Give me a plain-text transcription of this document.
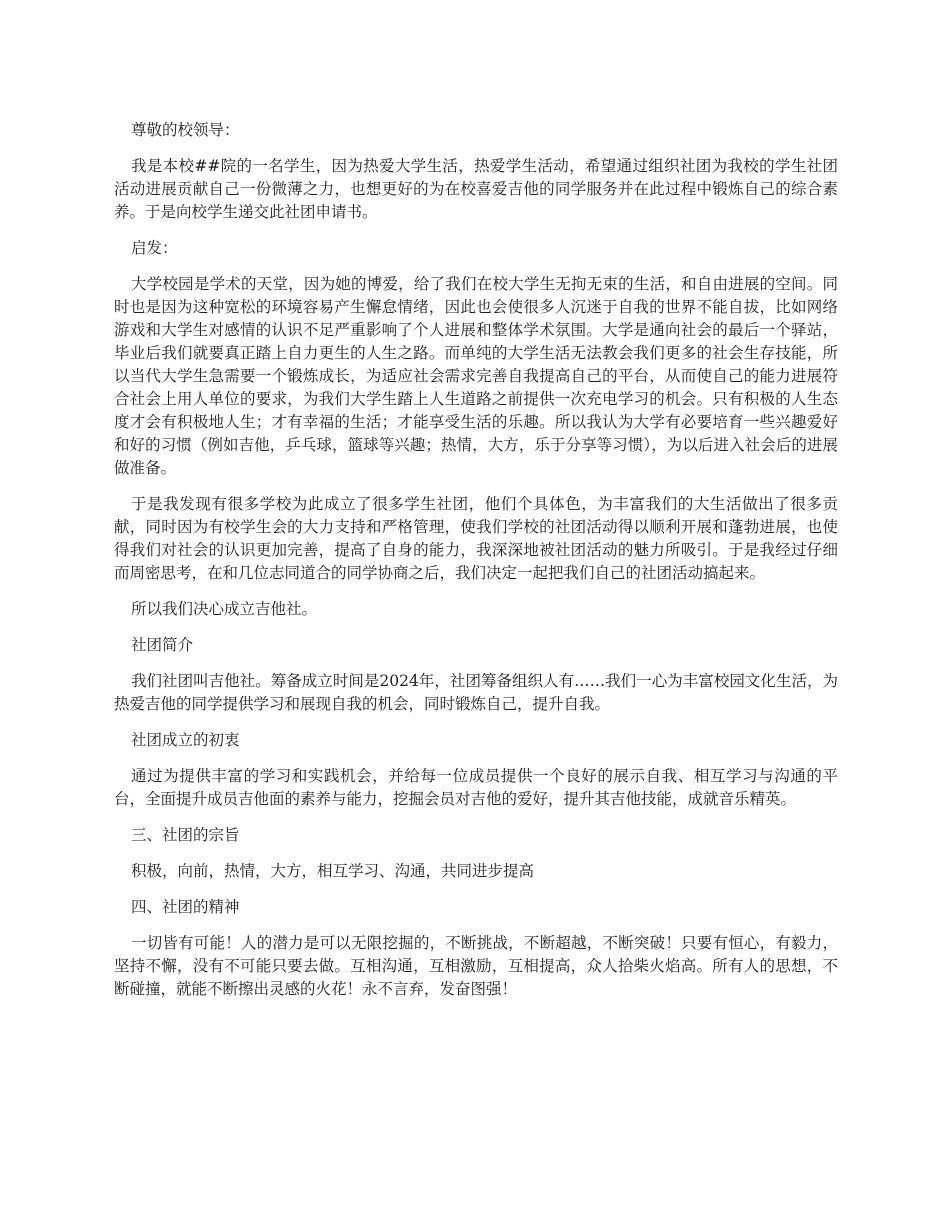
尊敬的校领导：

我是本校##院的一名学生，因为热爱大学生活，热爱学生活动，希望通过组织社团为我校的学生社团活动进展贡献自己一份微薄之力，也想更好的为在校喜爱吉他的同学服务并在此过程中锻炼自己的综合素养。于是向校学生递交此社团申请书。

启发：

大学校园是学术的天堂，因为她的博爱，给了我们在校大学生无拘无束的生活，和自由进展的空间。同时也是因为这种宽松的环境容易产生懈怠情绪，因此也会使很多人沉迷于自我的世界不能自拔，比如网络游戏和大学生对感情的认识不足严重影响了个人进展和整体学术氛围。大学是通向社会的最后一个驿站，毕业后我们就要真正踏上自力更生的人生之路。而单纯的大学生活无法教会我们更多的社会生存技能，所以当代大学生急需要一个锻炼成长，为适应社会需求完善自我提高自己的平台，从而使自己的能力进展符合社会上用人单位的要求，为我们大学生踏上人生道路之前提供一次充电学习的机会。只有积极的人生态度才会有积极地人生；才有幸福的生活；才能享受生活的乐趣。所以我认为大学有必要培育一些兴趣爱好和好的习惯（例如吉他，乒乓球，篮球等兴趣；热情，大方，乐于分享等习惯），为以后进入社会后的进展做准备。

于是我发现有很多学校为此成立了很多学生社团，他们个具体色，为丰富我们的大生活做出了很多贡献，同时因为有校学生会的大力支持和严格管理，使我们学校的社团活动得以顺利开展和蓬勃进展，也使得我们对社会的认识更加完善，提高了自身的能力，我深深地被社团活动的魅力所吸引。于是我经过仔细而周密思考，在和几位志同道合的同学协商之后，我们决定一起把我们自己的社团活动搞起来。

所以我们决心成立吉他社。

社团简介

我们社团叫吉他社。筹备成立时间是2024年，社团筹备组织人有……我们一心为丰富校园文化生活，为热爱吉他的同学提供学习和展现自我的机会，同时锻炼自己，提升自我。

社团成立的初衷

通过为提供丰富的学习和实践机会，并给每一位成员提供一个良好的展示自我、相互学习与沟通的平台，全面提升成员吉他面的素养与能力，挖掘会员对吉他的爱好，提升其吉他技能，成就音乐精英。

三、社团的宗旨

积极，向前，热情，大方，相互学习、沟通，共同进步提高

四、社团的精神

一切皆有可能！人的潜力是可以无限挖掘的，不断挑战，不断超越，不断突破！只要有恒心，有毅力，坚持不懈，没有不可能只要去做。互相沟通，互相激励，互相提高，众人拾柴火焰高。所有人的思想，不断碰撞，就能不断擦出灵感的火花！永不言弃，发奋图强！
